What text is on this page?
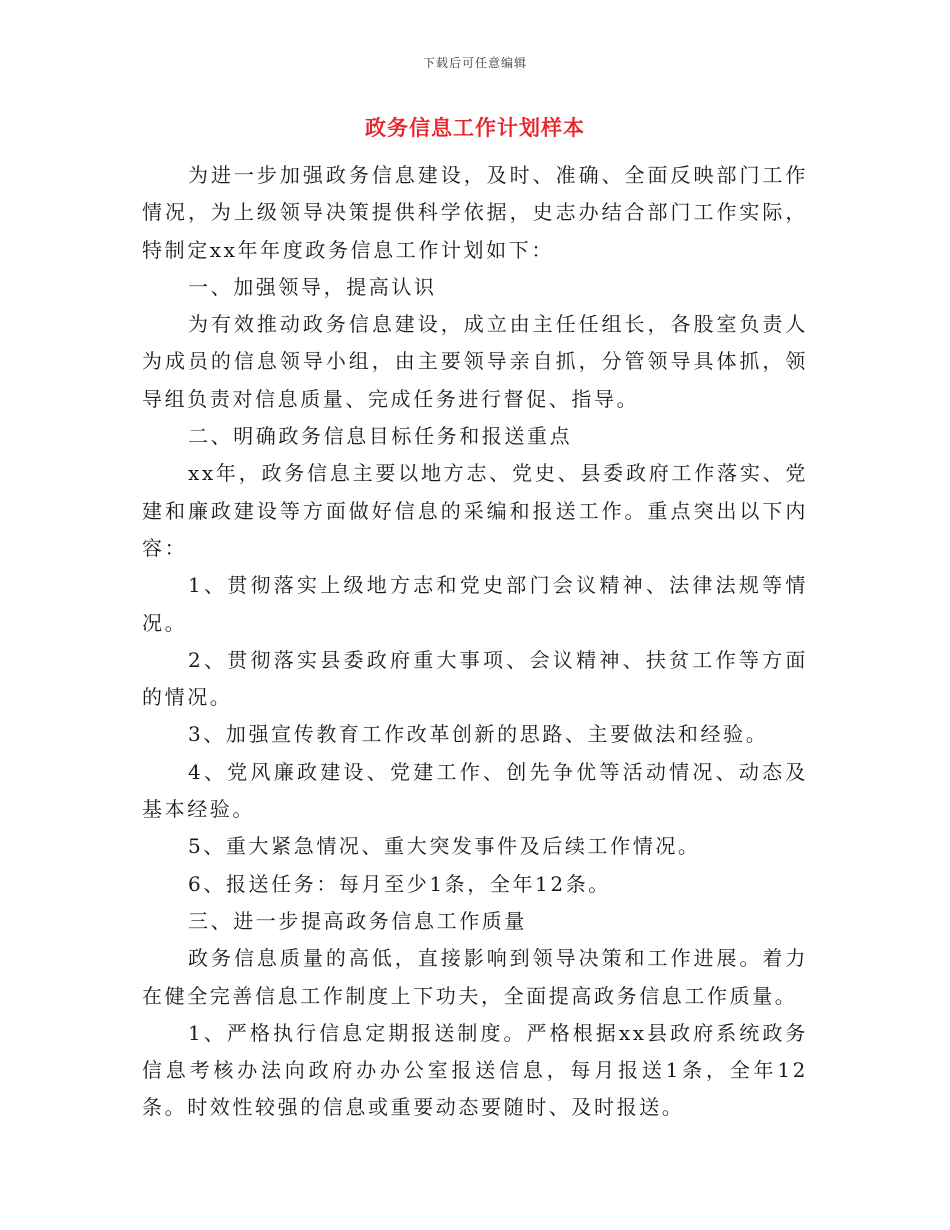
下载后可任意编辑
政务信息工作计划样本

为进一步加强政务信息建设，及时、准确、全面反映部门工作情况，为上级领导决策提供科学依据，史志办结合部门工作实际，特制定xx年年度政务信息工作计划如下：

一、加强领导，提高认识

为有效推动政务信息建设，成立由主任任组长，各股室负责人为成员的信息领导小组，由主要领导亲自抓，分管领导具体抓，领导组负责对信息质量、完成任务进行督促、指导。

二、明确政务信息目标任务和报送重点

xx年，政务信息主要以地方志、党史、县委政府工作落实、党建和廉政建设等方面做好信息的采编和报送工作。重点突出以下内容：

1、贯彻落实上级地方志和党史部门会议精神、法律法规等情况。

2、贯彻落实县委政府重大事项、会议精神、扶贫工作等方面的情况。

3、加强宣传教育工作改革创新的思路、主要做法和经验。

4、党风廉政建设、党建工作、创先争优等活动情况、动态及基本经验。

5、重大紧急情况、重大突发事件及后续工作情况。

6、报送任务：每月至少1条，全年12条。

三、进一步提高政务信息工作质量

政务信息质量的高低，直接影响到领导决策和工作进展。着力在健全完善信息工作制度上下功夫，全面提高政务信息工作质量。

1、严格执行信息定期报送制度。严格根据xx县政府系统政务信息考核办法向政府办办公室报送信息，每月报送1条，全年12条。时效性较强的信息或重要动态要随时、及时报送。
